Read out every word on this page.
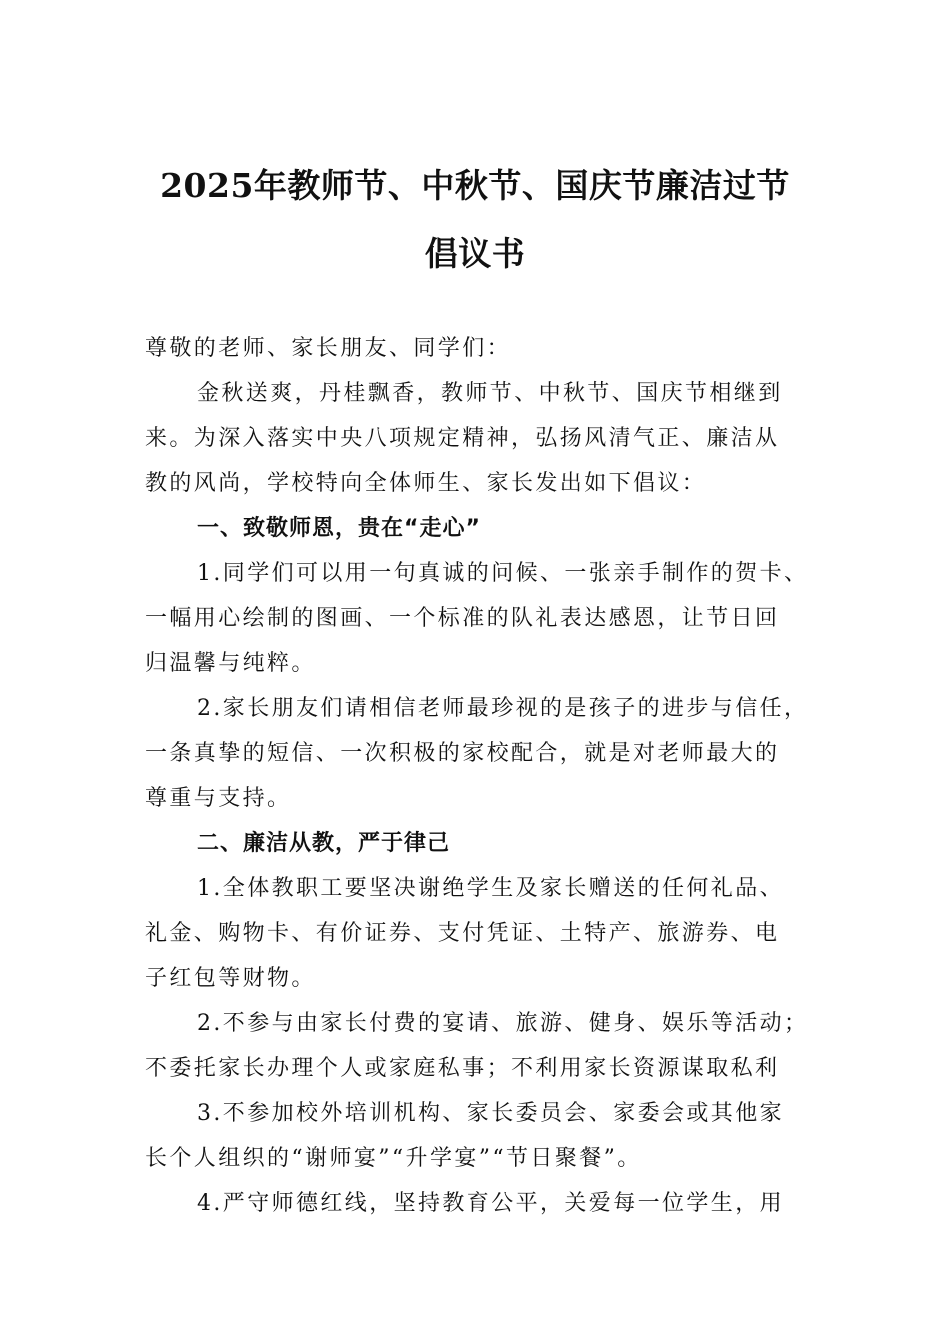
2025年教师节、中秋节、国庆节廉洁过节
倡议书
尊敬的老师、家长朋友、同学们：
金秋送爽，丹桂飘香，教师节、中秋节、国庆节相继到
来。为深入落实中央八项规定精神，弘扬风清气正、廉洁从
教的风尚，学校特向全体师生、家长发出如下倡议：
一、致敬师恩，贵在“走心”
1.同学们可以用一句真诚的问候、一张亲手制作的贺卡、
一幅用心绘制的图画、一个标准的队礼表达感恩，让节日回
归温馨与纯粹。
2.家长朋友们请相信老师最珍视的是孩子的进步与信任，
一条真挚的短信、一次积极的家校配合，就是对老师最大的
尊重与支持。
二、廉洁从教，严于律己
1.全体教职工要坚决谢绝学生及家长赠送的任何礼品、
礼金、购物卡、有价证券、支付凭证、土特产、旅游券、电
子红包等财物。
2.不参与由家长付费的宴请、旅游、健身、娱乐等活动；
不委托家长办理个人或家庭私事；不利用家长资源谋取私利
3.不参加校外培训机构、家长委员会、家委会或其他家
长个人组织的“谢师宴”“升学宴”“节日聚餐”。
4.严守师德红线，坚持教育公平，关爱每一位学生，用
